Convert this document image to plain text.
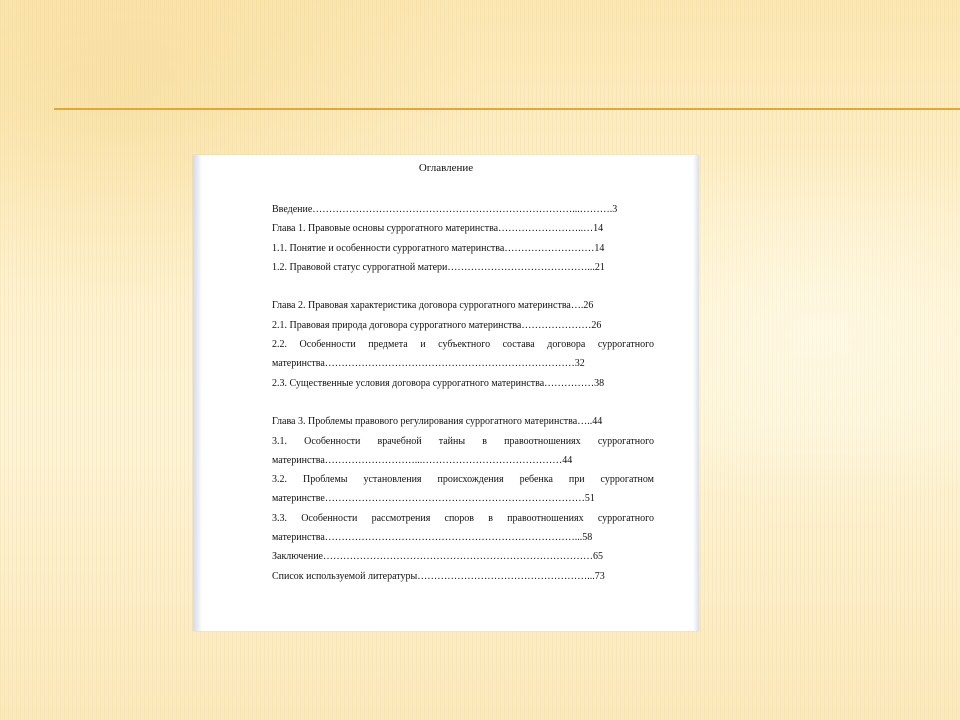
Оглавление
Введение……………………………………………………………………...……….3
Глава 1. Правовые основы суррогатного материнства……………………..…14
1.1. Понятие и особенности суррогатного материнства………………………14
1.2. Правовой статус суррогатной матери……………………………………...21
Глава 2. Правовая характеристика договора суррогатного материнства….26
2.1. Правовая природа договора суррогатного материнства…………………26
2.2. Особенности предмета и субъектного состава договора суррогатного
материнства…………………………………………………………………32
2.3. Существенные условия договора суррогатного материнства……………38
Глава 3. Проблемы правового регулирования суррогатного материнства…..44
3.1. Особенности врачебной тайны в правоотношениях суррогатного
материнства………………………...……………………………………44
3.2. Проблемы установления происхождения ребенка при суррогатном
материнстве……………………………………………………………………51
3.3. Особенности рассмотрения споров в правоотношениях суррогатного
материнства…………………………………………………………………...58
Заключение………………………………………………………………………65
Список используемой литературы……………………………………………...73
